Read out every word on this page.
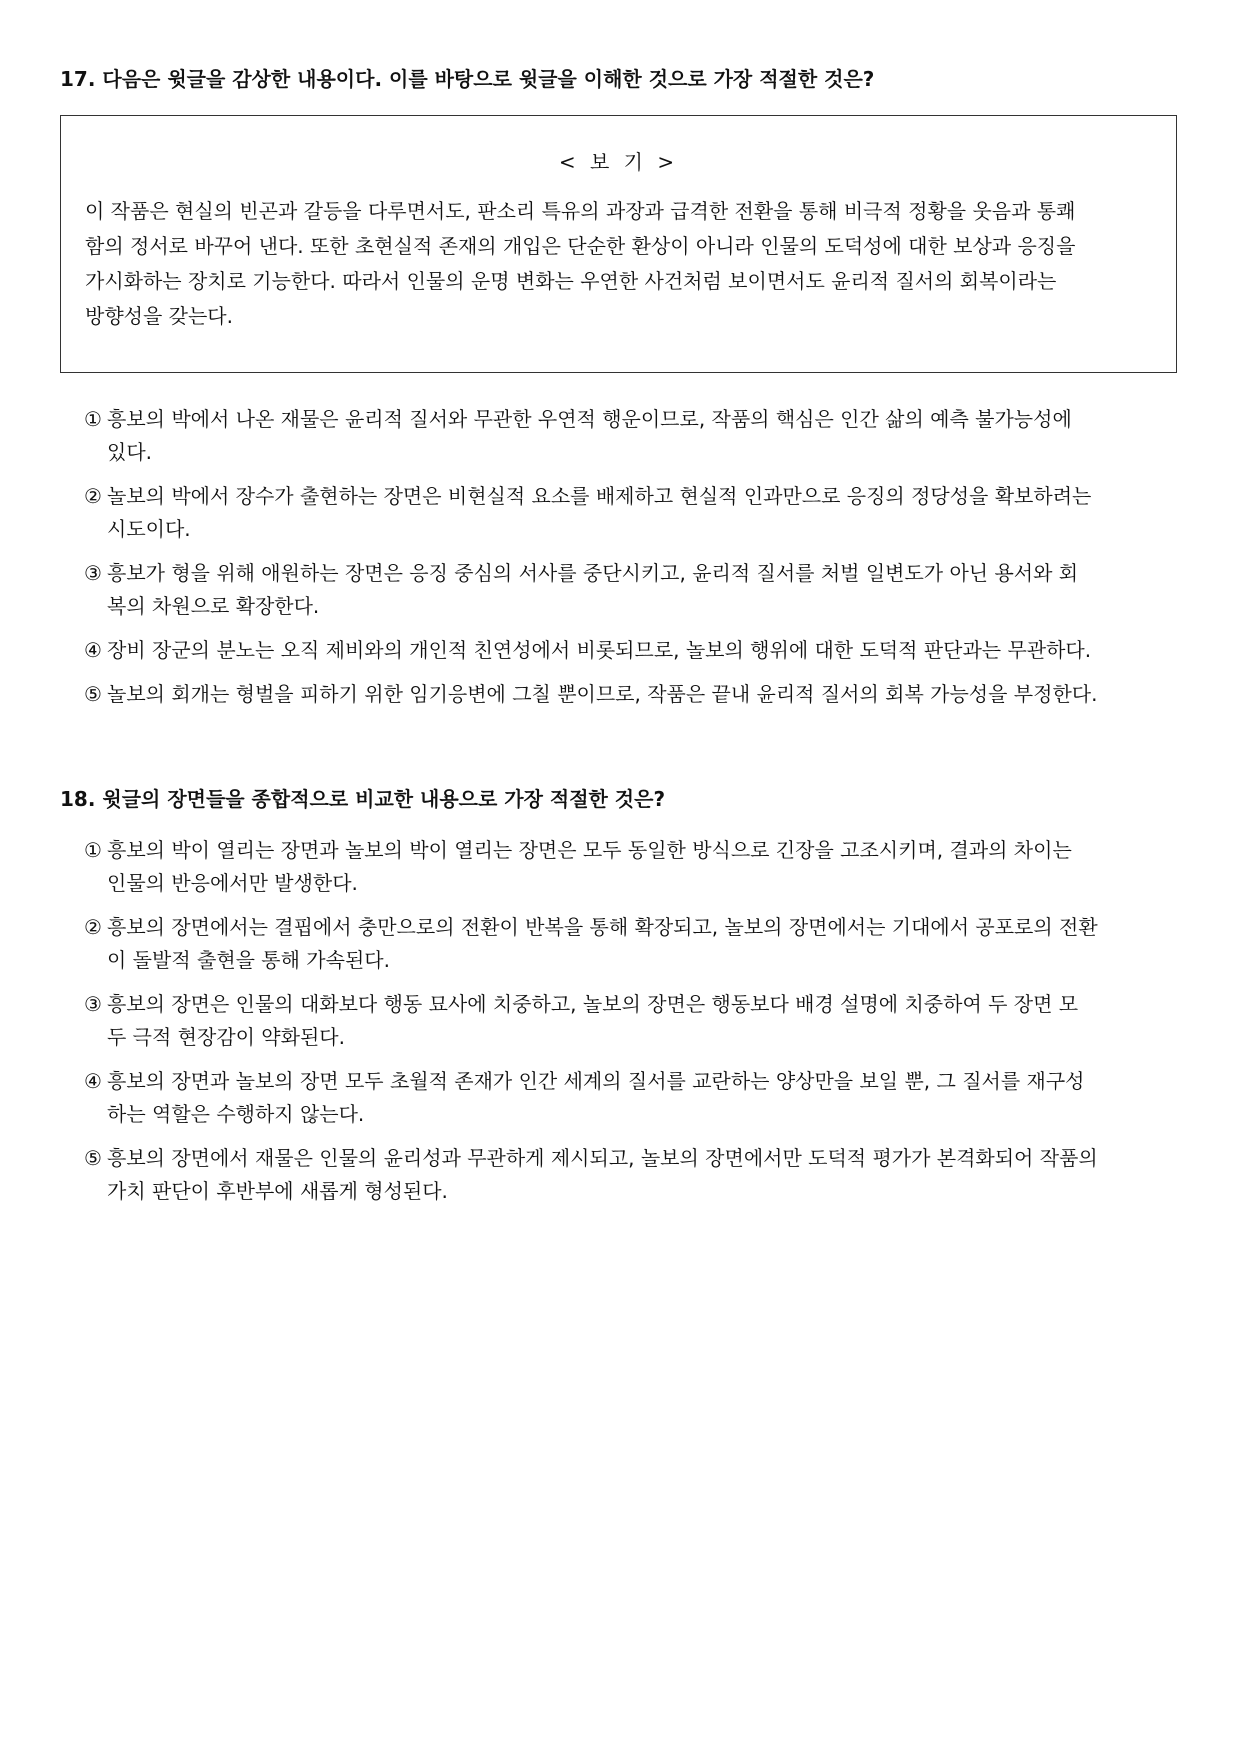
17. 다음은 윗글을 감상한 내용이다. 이를 바탕으로 윗글을 이해한 것으로 가장 적절한 것은?
< 보 기 >
이 작품은 현실의 빈곤과 갈등을 다루면서도, 판소리 특유의 과장과 급격한 전환을 통해 비극적 정황을 웃음과 통쾌
함의 정서로 바꾸어 낸다. 또한 초현실적 존재의 개입은 단순한 환상이 아니라 인물의 도덕성에 대한 보상과 응징을
가시화하는 장치로 기능한다. 따라서 인물의 운명 변화는 우연한 사건처럼 보이면서도 윤리적 질서의 회복이라는
방향성을 갖는다.
① 흥보의 박에서 나온 재물은 윤리적 질서와 무관한 우연적 행운이므로, 작품의 핵심은 인간 삶의 예측 불가능성에
있다.
② 놀보의 박에서 장수가 출현하는 장면은 비현실적 요소를 배제하고 현실적 인과만으로 응징의 정당성을 확보하려는
시도이다.
③ 흥보가 형을 위해 애원하는 장면은 응징 중심의 서사를 중단시키고, 윤리적 질서를 처벌 일변도가 아닌 용서와 회
복의 차원으로 확장한다.
④ 장비 장군의 분노는 오직 제비와의 개인적 친연성에서 비롯되므로, 놀보의 행위에 대한 도덕적 판단과는 무관하다.
⑤ 놀보의 회개는 형벌을 피하기 위한 임기응변에 그칠 뿐이므로, 작품은 끝내 윤리적 질서의 회복 가능성을 부정한다.
18. 윗글의 장면들을 종합적으로 비교한 내용으로 가장 적절한 것은?
① 흥보의 박이 열리는 장면과 놀보의 박이 열리는 장면은 모두 동일한 방식으로 긴장을 고조시키며, 결과의 차이는
인물의 반응에서만 발생한다.
② 흥보의 장면에서는 결핍에서 충만으로의 전환이 반복을 통해 확장되고, 놀보의 장면에서는 기대에서 공포로의 전환
이 돌발적 출현을 통해 가속된다.
③ 흥보의 장면은 인물의 대화보다 행동 묘사에 치중하고, 놀보의 장면은 행동보다 배경 설명에 치중하여 두 장면 모
두 극적 현장감이 약화된다.
④ 흥보의 장면과 놀보의 장면 모두 초월적 존재가 인간 세계의 질서를 교란하는 양상만을 보일 뿐, 그 질서를 재구성
하는 역할은 수행하지 않는다.
⑤ 흥보의 장면에서 재물은 인물의 윤리성과 무관하게 제시되고, 놀보의 장면에서만 도덕적 평가가 본격화되어 작품의
가치 판단이 후반부에 새롭게 형성된다.
